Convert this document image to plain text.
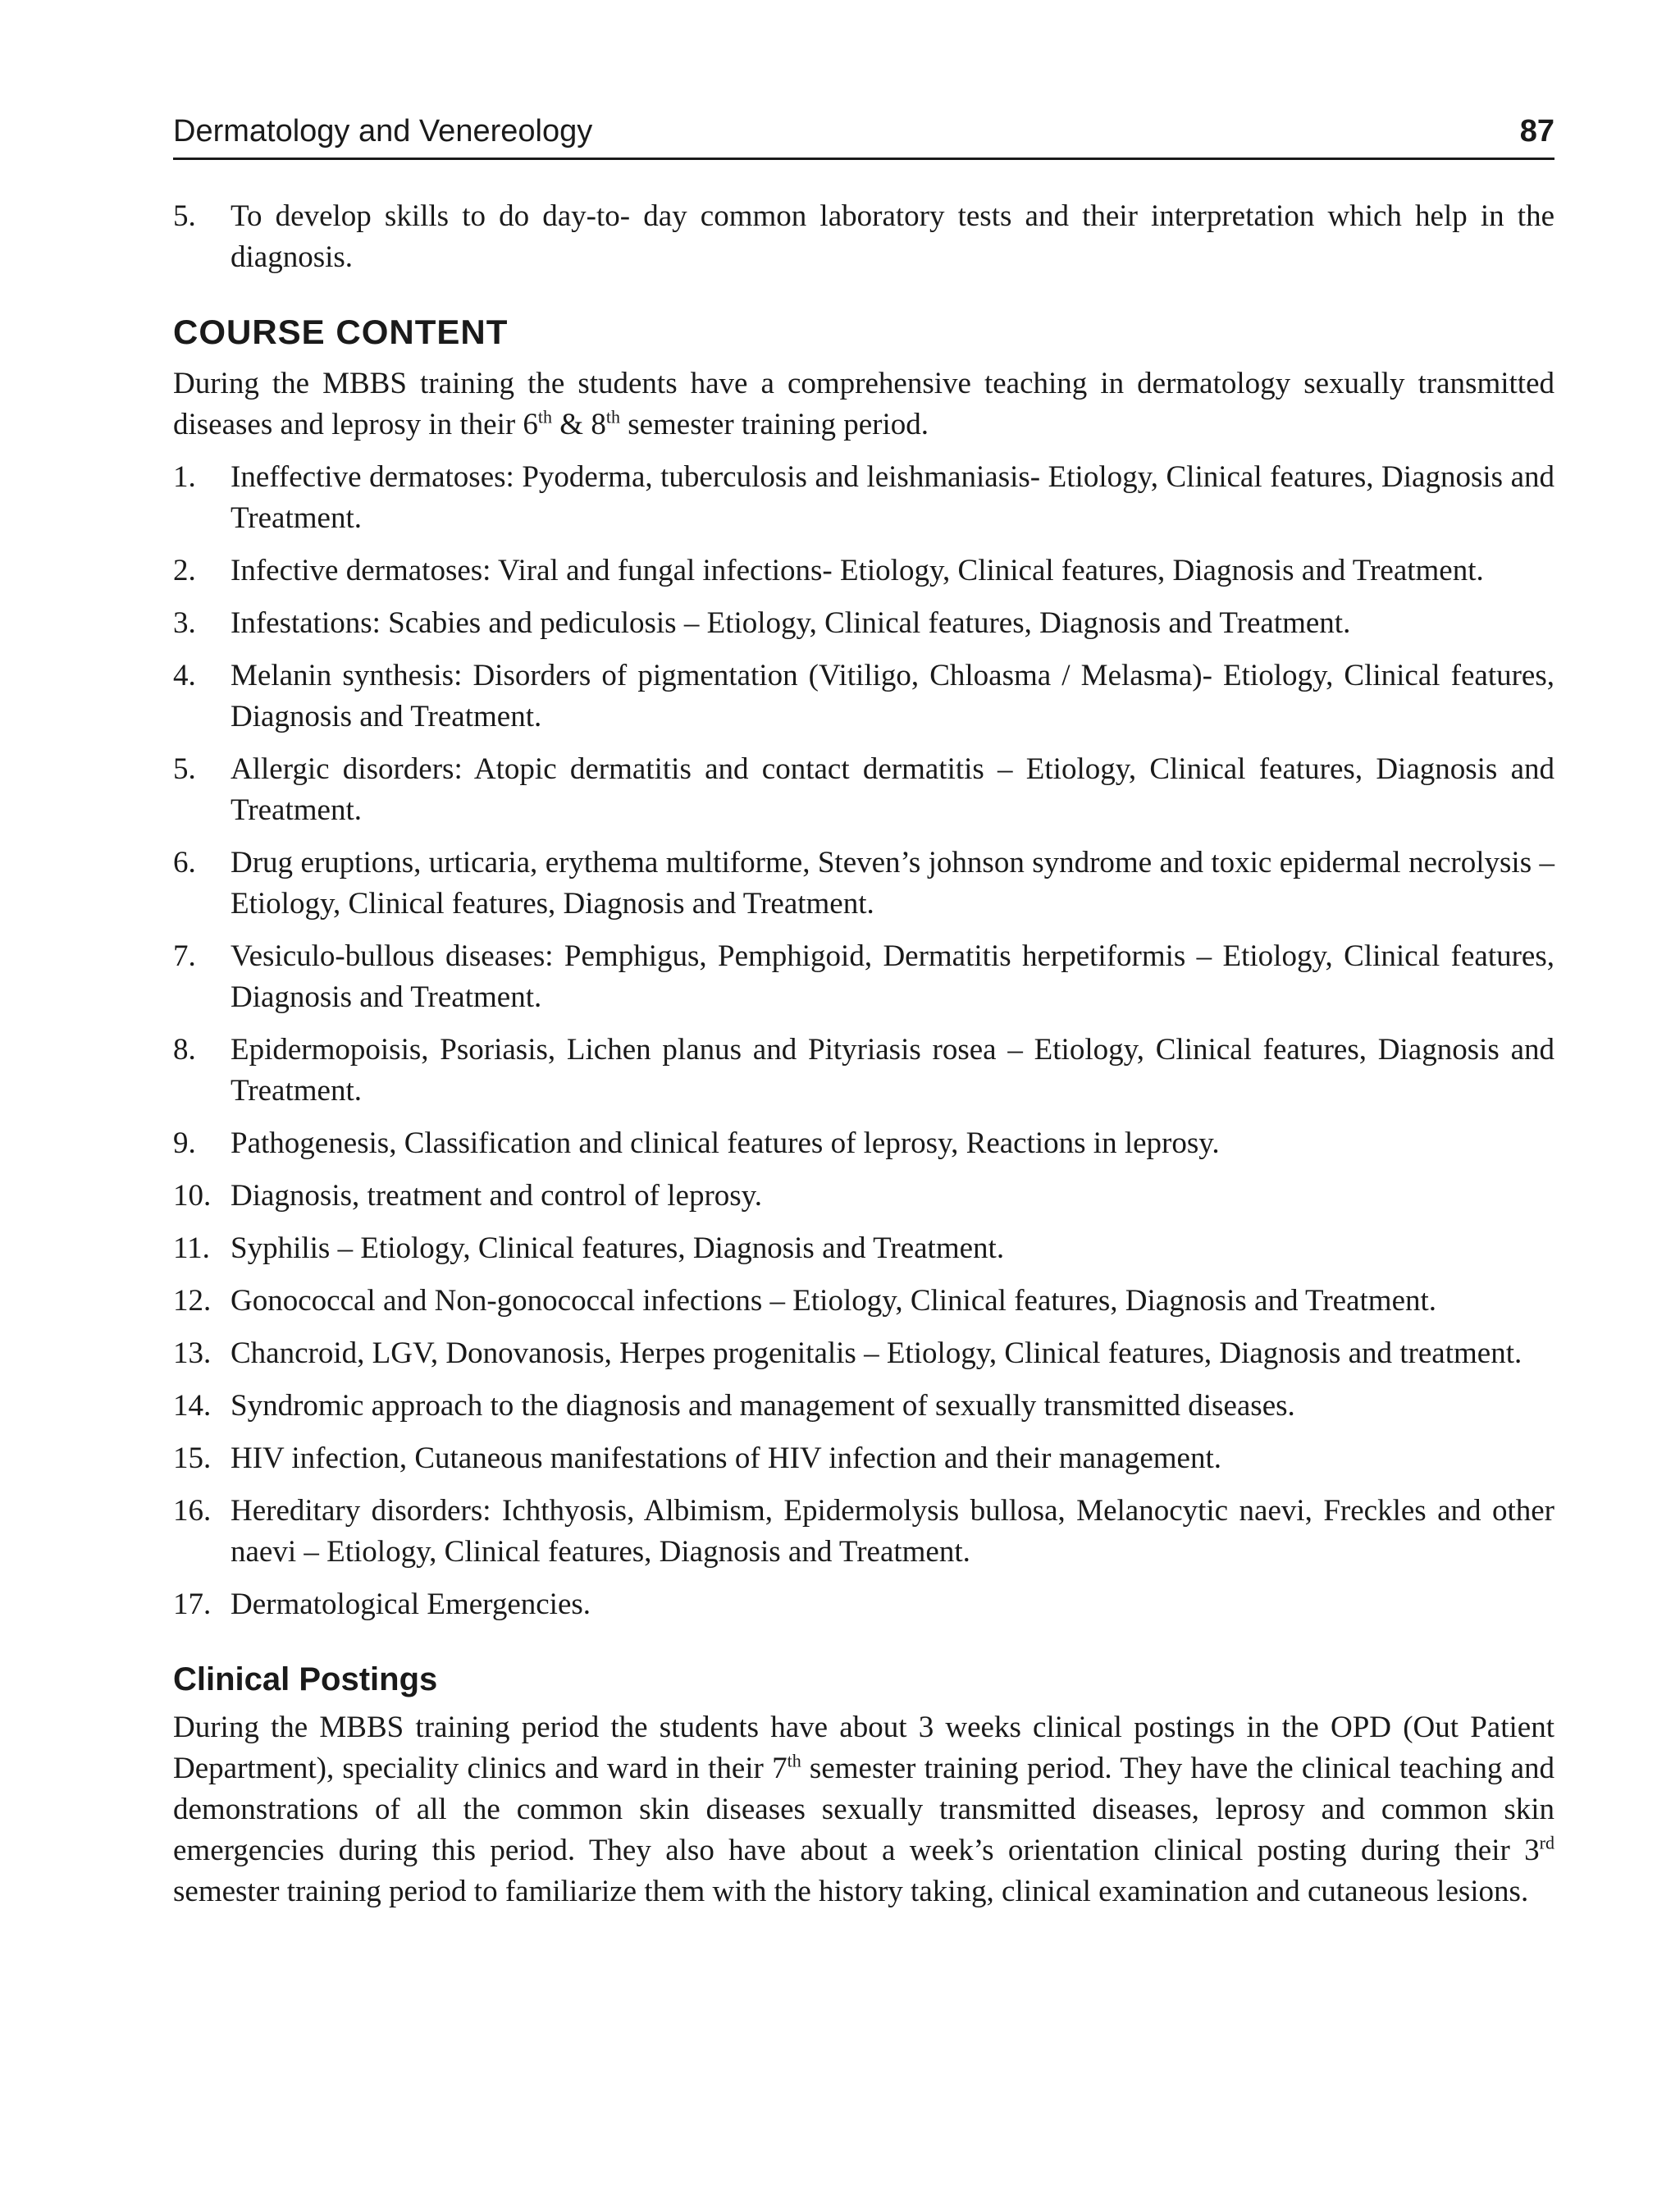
Dermatology and Venereology	87
5.	To develop skills to do day-to- day common laboratory tests and their interpretation which help in the diagnosis.
COURSE CONTENT

During the MBBS training the students have a comprehensive teaching in dermatology sexually transmitted diseases and leprosy in their 6th & 8th semester training period.

1.	Ineffective dermatoses: Pyoderma, tuberculosis and leishmaniasis- Etiology, Clinical features, Diagnosis and Treatment.
2.	Infective dermatoses: Viral and fungal infections- Etiology, Clinical features, Diagnosis and Treatment.
3.	Infestations: Scabies and pediculosis – Etiology, Clinical features, Diagnosis and Treatment.
4.	Melanin synthesis: Disorders of pigmentation (Vitiligo, Chloasma / Melasma)- Etiology, Clinical features, Diagnosis and Treatment.
5.	Allergic disorders: Atopic dermatitis and contact dermatitis – Etiology, Clinical features, Diagnosis and Treatment.
6.	Drug eruptions, urticaria, erythema multiforme, Steven’s johnson syndrome and toxic epidermal necrolysis – Etiology, Clinical features, Diagnosis and Treatment.
7.	Vesiculo-bullous diseases: Pemphigus, Pemphigoid, Dermatitis herpetiformis – Etiology, Clinical features, Diagnosis and Treatment.
8.	Epidermopoisis, Psoriasis, Lichen planus and Pityriasis rosea – Etiology, Clinical features, Diagnosis and Treatment.
9.	Pathogenesis, Classification and clinical features of leprosy, Reactions in leprosy.
10. Diagnosis, treatment and control of leprosy.
11. Syphilis – Etiology, Clinical features, Diagnosis and Treatment.
12. Gonococcal and Non-gonococcal infections – Etiology, Clinical features, Diagnosis and Treatment.
13. Chancroid, LGV, Donovanosis, Herpes progenitalis – Etiology, Clinical features, Diagnosis and treatment.
14. Syndromic approach to the diagnosis and management of sexually transmitted diseases.
15. HIV infection, Cutaneous manifestations of HIV infection and their management.
16. Hereditary disorders: Ichthyosis, Albimism, Epidermolysis bullosa, Melanocytic naevi, Freckles and other naevi – Etiology, Clinical features, Diagnosis and Treatment.
17. Dermatological Emergencies.
Clinical Postings

During the MBBS training period the students have about 3 weeks clinical postings in the OPD (Out Patient Department), speciality clinics and ward in their 7th semester training period. They have the clinical teaching and demonstrations of all the common skin diseases sexually transmitted diseases, leprosy and common skin emergencies during this period. They also have about a week’s orientation clinical posting during their 3rd semester training period to familiarize them with the history taking, clinical examination and cutaneous lesions.
